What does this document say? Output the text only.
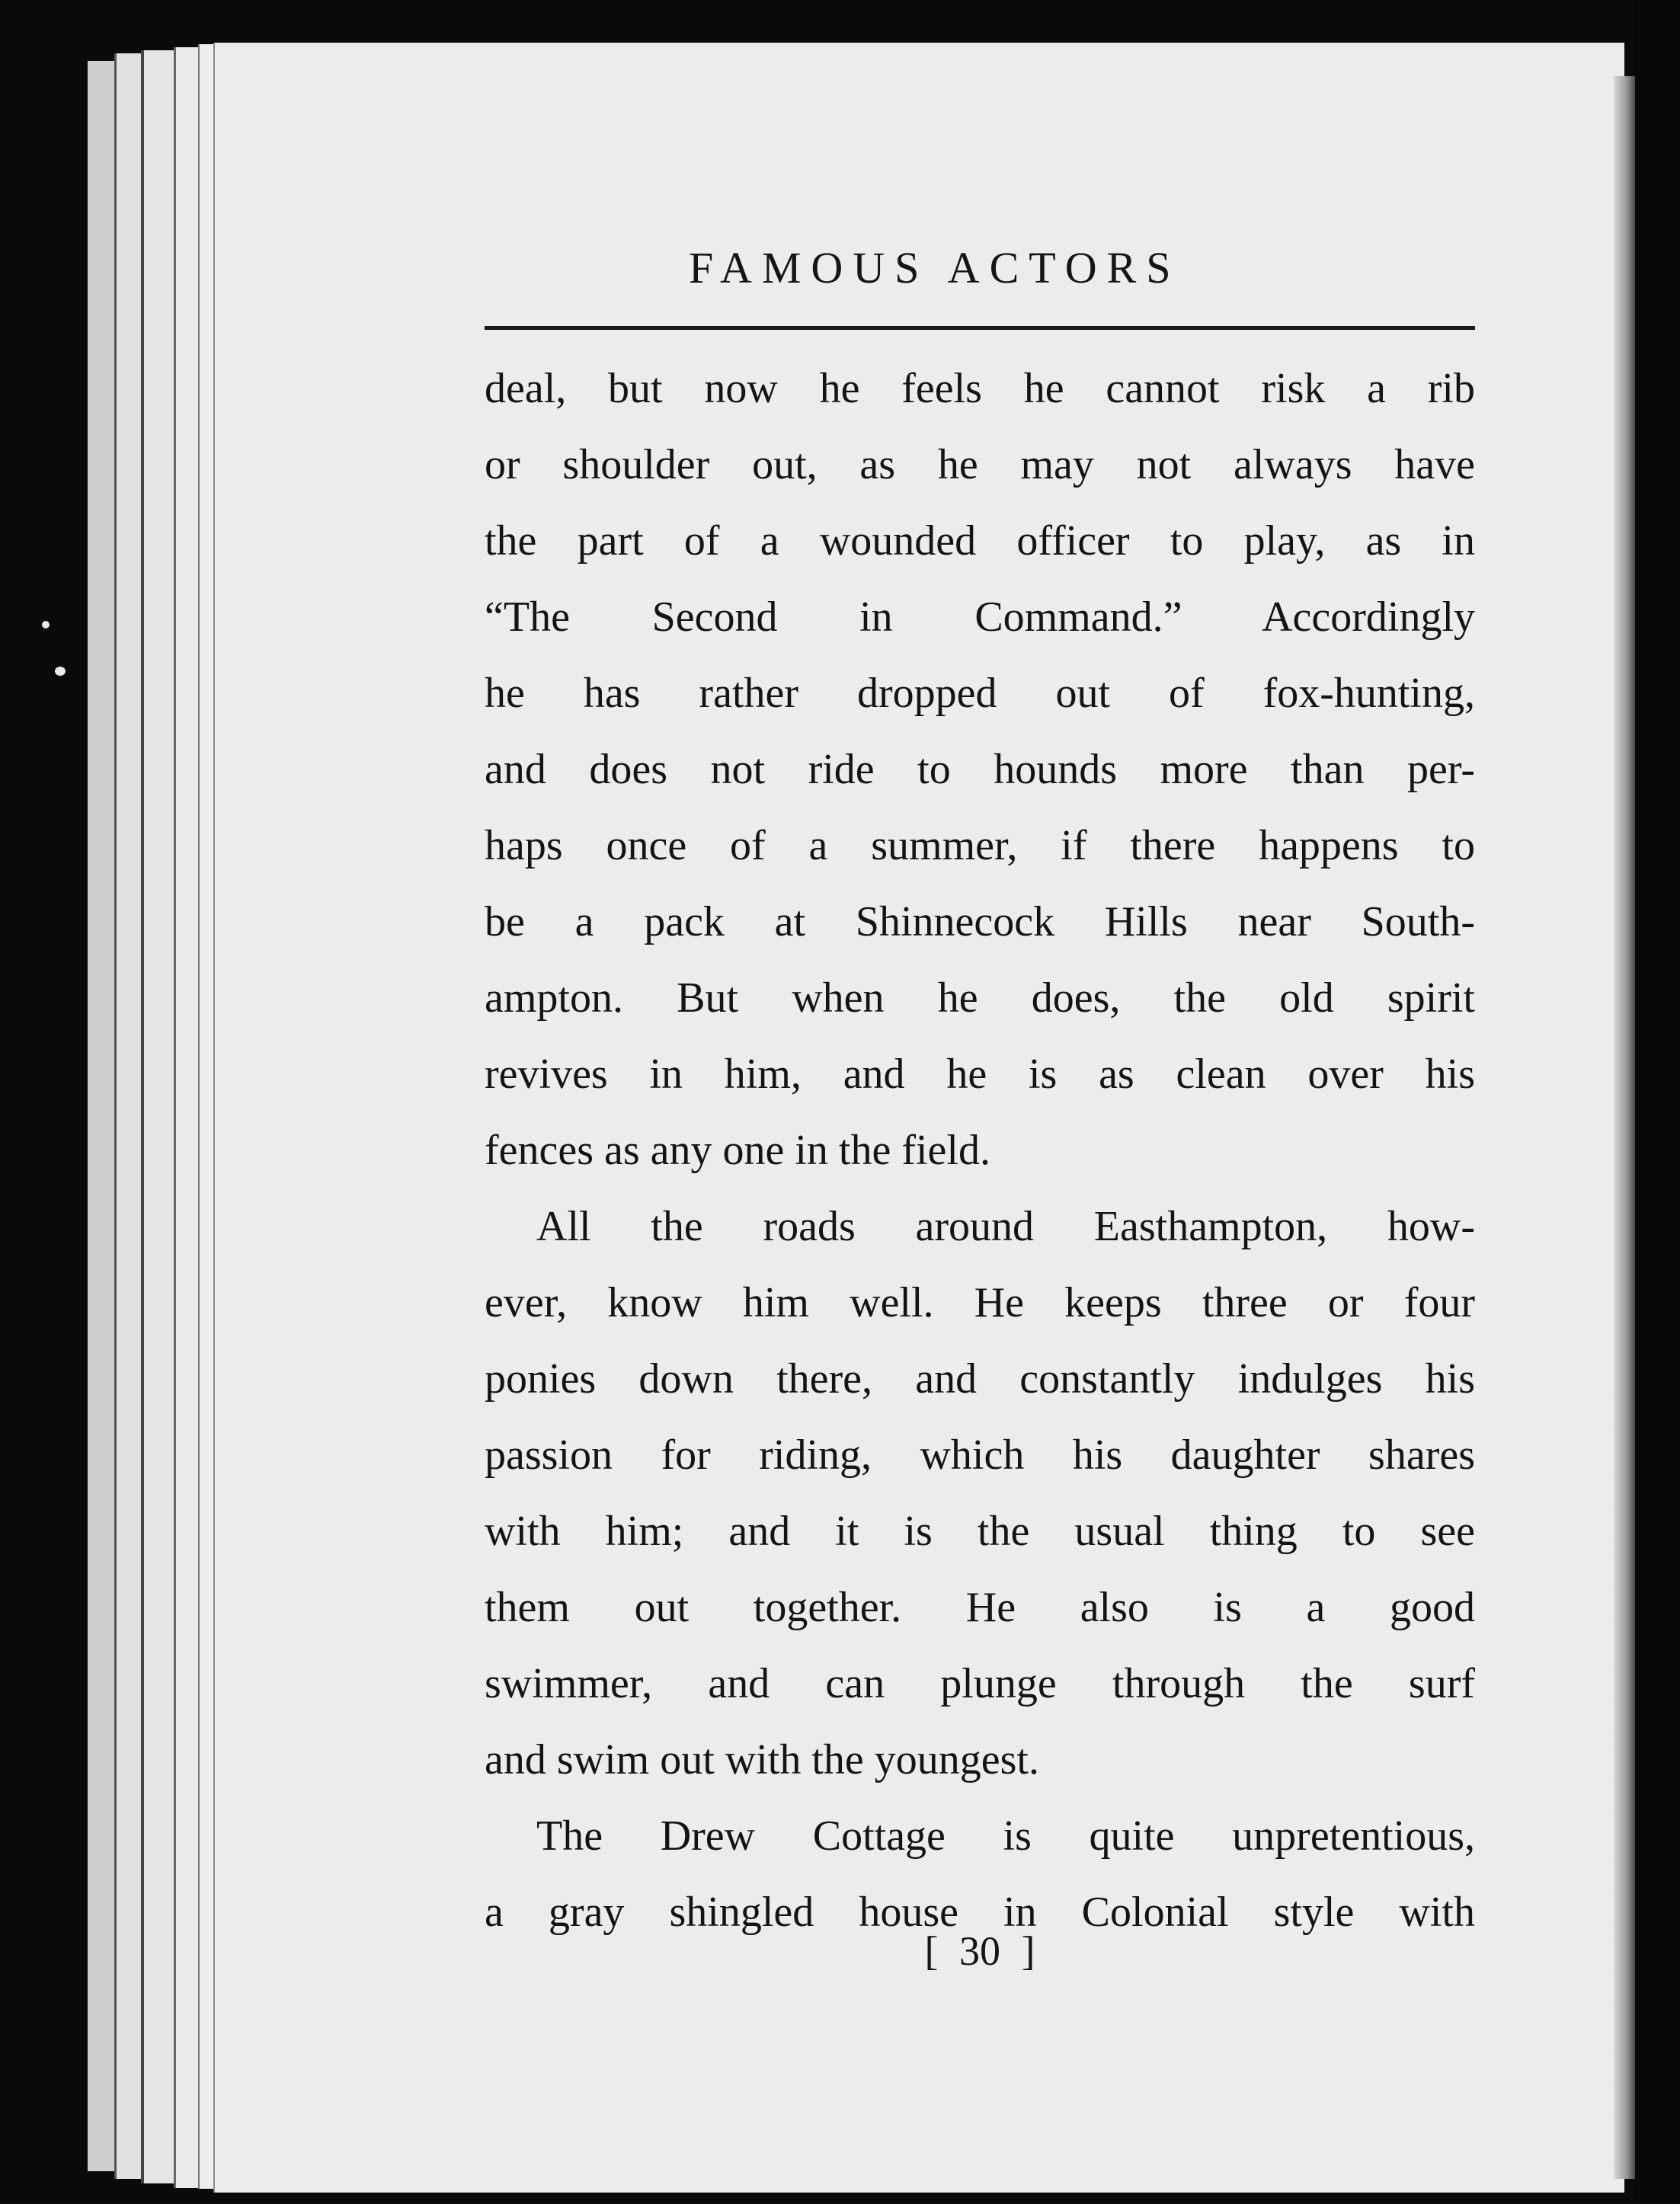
FAMOUS ACTORS
deal, but now he feels he cannot risk a rib
or shoulder out, as he may not always have
the part of a wounded officer to play, as in
“The Second in Command.” Accordingly
he has rather dropped out of fox-hunting,
and does not ride to hounds more than per-
haps once of a summer, if there happens to
be a pack at Shinnecock Hills near South-
ampton. But when he does, the old spirit
revives in him, and he is as clean over his
fences as any one in the field.
All the roads around Easthampton, how-
ever, know him well. He keeps three or four
ponies down there, and constantly indulges his
passion for riding, which his daughter shares
with him; and it is the usual thing to see
them out together. He also is a good
swimmer, and can plunge through the surf
and swim out with the youngest.
The Drew Cottage is quite unpretentious,
a gray shingled house in Colonial style with
[ 30 ]
